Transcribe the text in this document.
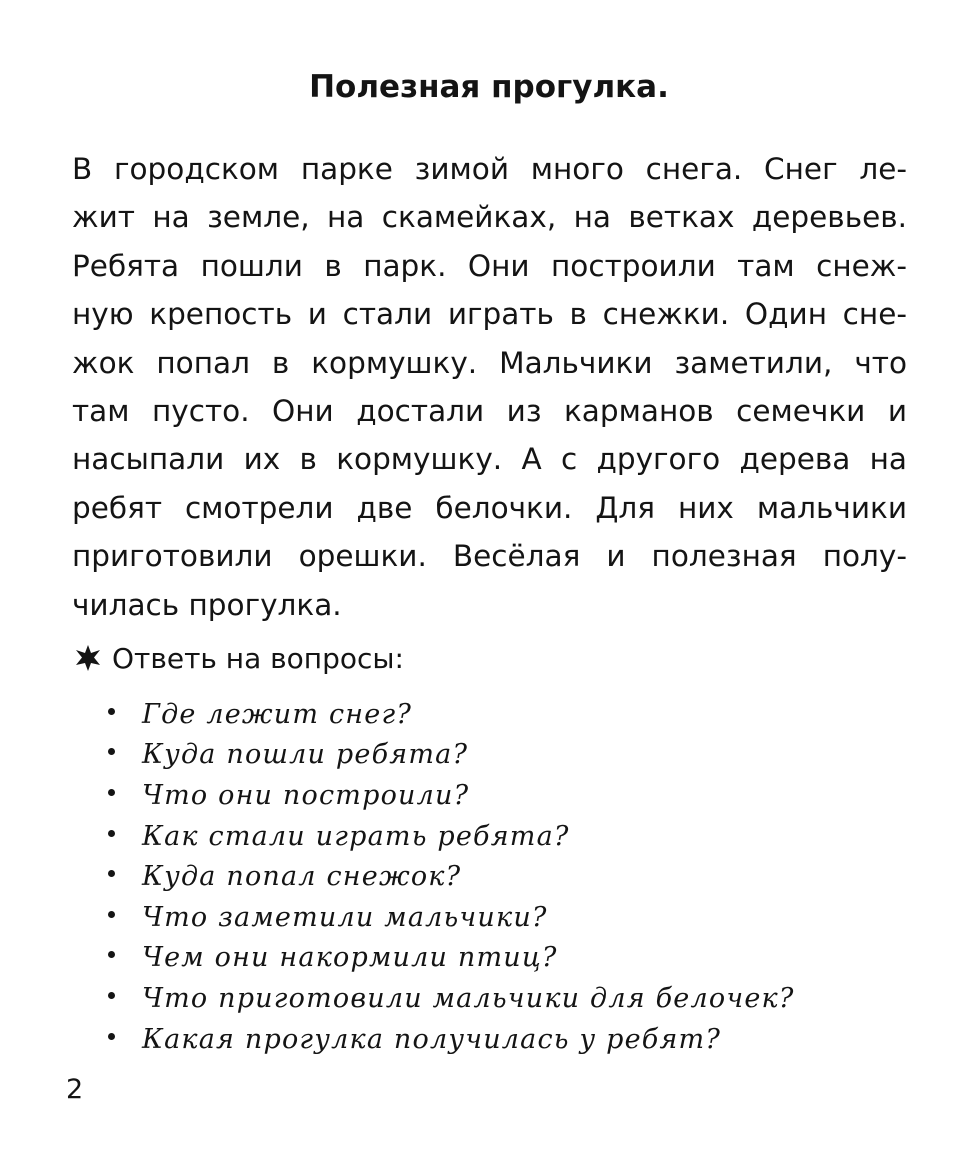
Полезная прогулка.
В городском парке зимой много снега. Снег ле-
жит на земле, на скамейках, на ветках деревьев.
Ребята пошли в парк. Они построили там снеж-
ную крепость и стали играть в снежки. Один сне-
жок попал в кормушку. Мальчики заметили, что
там пусто. Они достали из карманов семечки и
насыпали их в кормушку. А с другого дерева на
ребят смотрели две белочки. Для них мальчики
приготовили орешки. Весёлая и полезная полу-
чилась прогулка.
Ответь на вопросы:
Где лежит снег?
Куда пошли ребята?
Что они построили?
Как стали играть ребята?
Куда попал снежок?
Что заметили мальчики?
Чем они накормили птиц?
Что приготовили мальчики для белочек?
Какая прогулка получилась у ребят?
2
